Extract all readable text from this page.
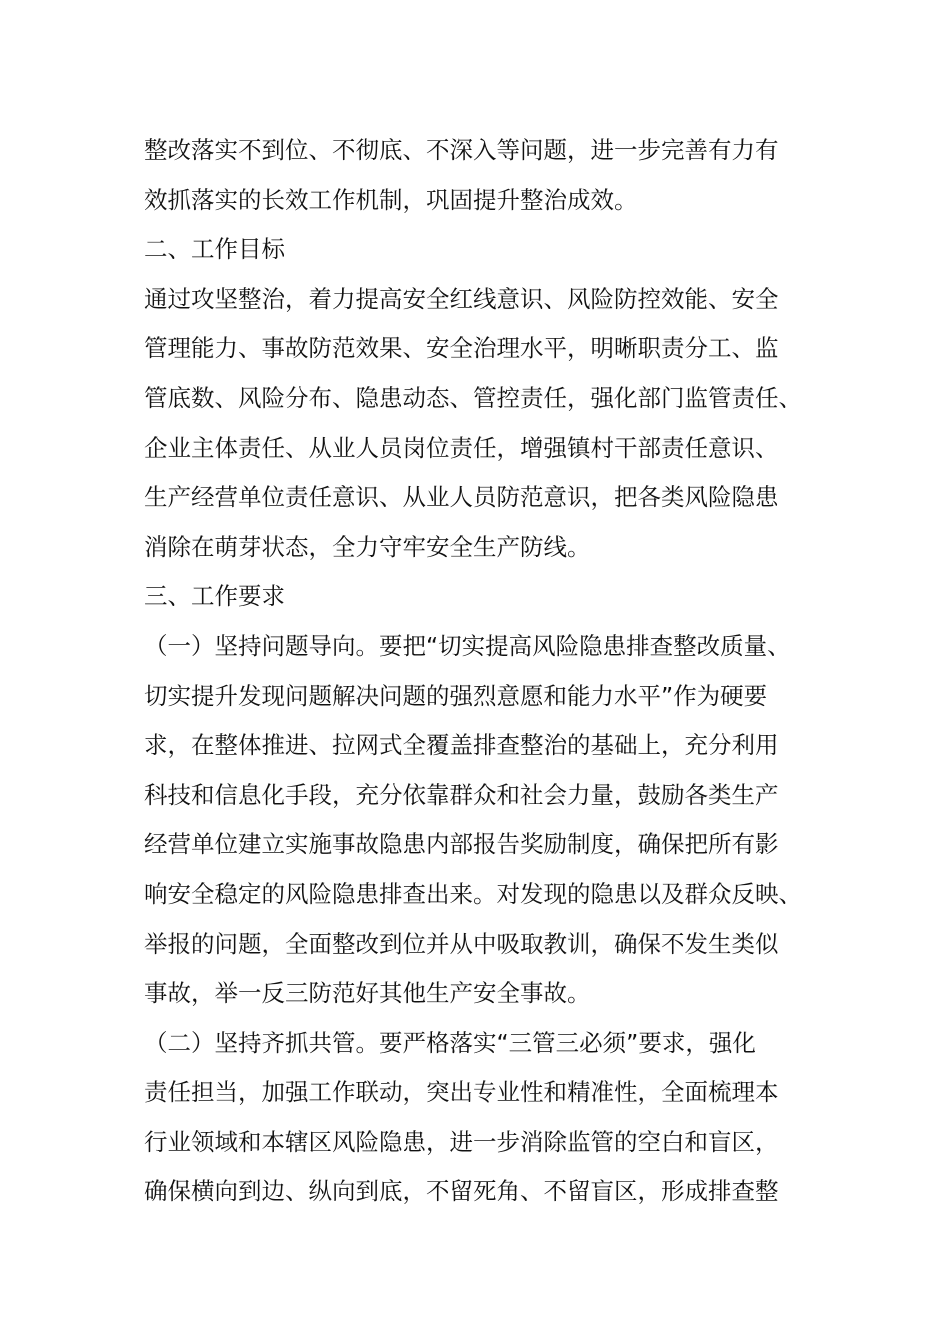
整改落实不到位、不彻底、不深入等问题，进一步完善有力有
效抓落实的长效工作机制，巩固提升整治成效。
二、工作目标
通过攻坚整治，着力提高安全红线意识、风险防控效能、安全
管理能力、事故防范效果、安全治理水平，明晰职责分工、监
管底数、风险分布、隐患动态、管控责任，强化部门监管责任、
企业主体责任、从业人员岗位责任，增强镇村干部责任意识、
生产经营单位责任意识、从业人员防范意识，把各类风险隐患
消除在萌芽状态，全力守牢安全生产防线。
三、工作要求
（一）坚持问题导向。要把“切实提高风险隐患排查整改质量、
切实提升发现问题解决问题的强烈意愿和能力水平”作为硬要
求，在整体推进、拉网式全覆盖排查整治的基础上，充分利用
科技和信息化手段，充分依靠群众和社会力量，鼓励各类生产
经营单位建立实施事故隐患内部报告奖励制度，确保把所有影
响安全稳定的风险隐患排查出来。对发现的隐患以及群众反映、
举报的问题，全面整改到位并从中吸取教训，确保不发生类似
事故，举一反三防范好其他生产安全事故。
（二）坚持齐抓共管。要严格落实“三管三必须”要求，强化
责任担当，加强工作联动，突出专业性和精准性，全面梳理本
行业领域和本辖区风险隐患，进一步消除监管的空白和盲区，
确保横向到边、纵向到底，不留死角、不留盲区，形成排查整
